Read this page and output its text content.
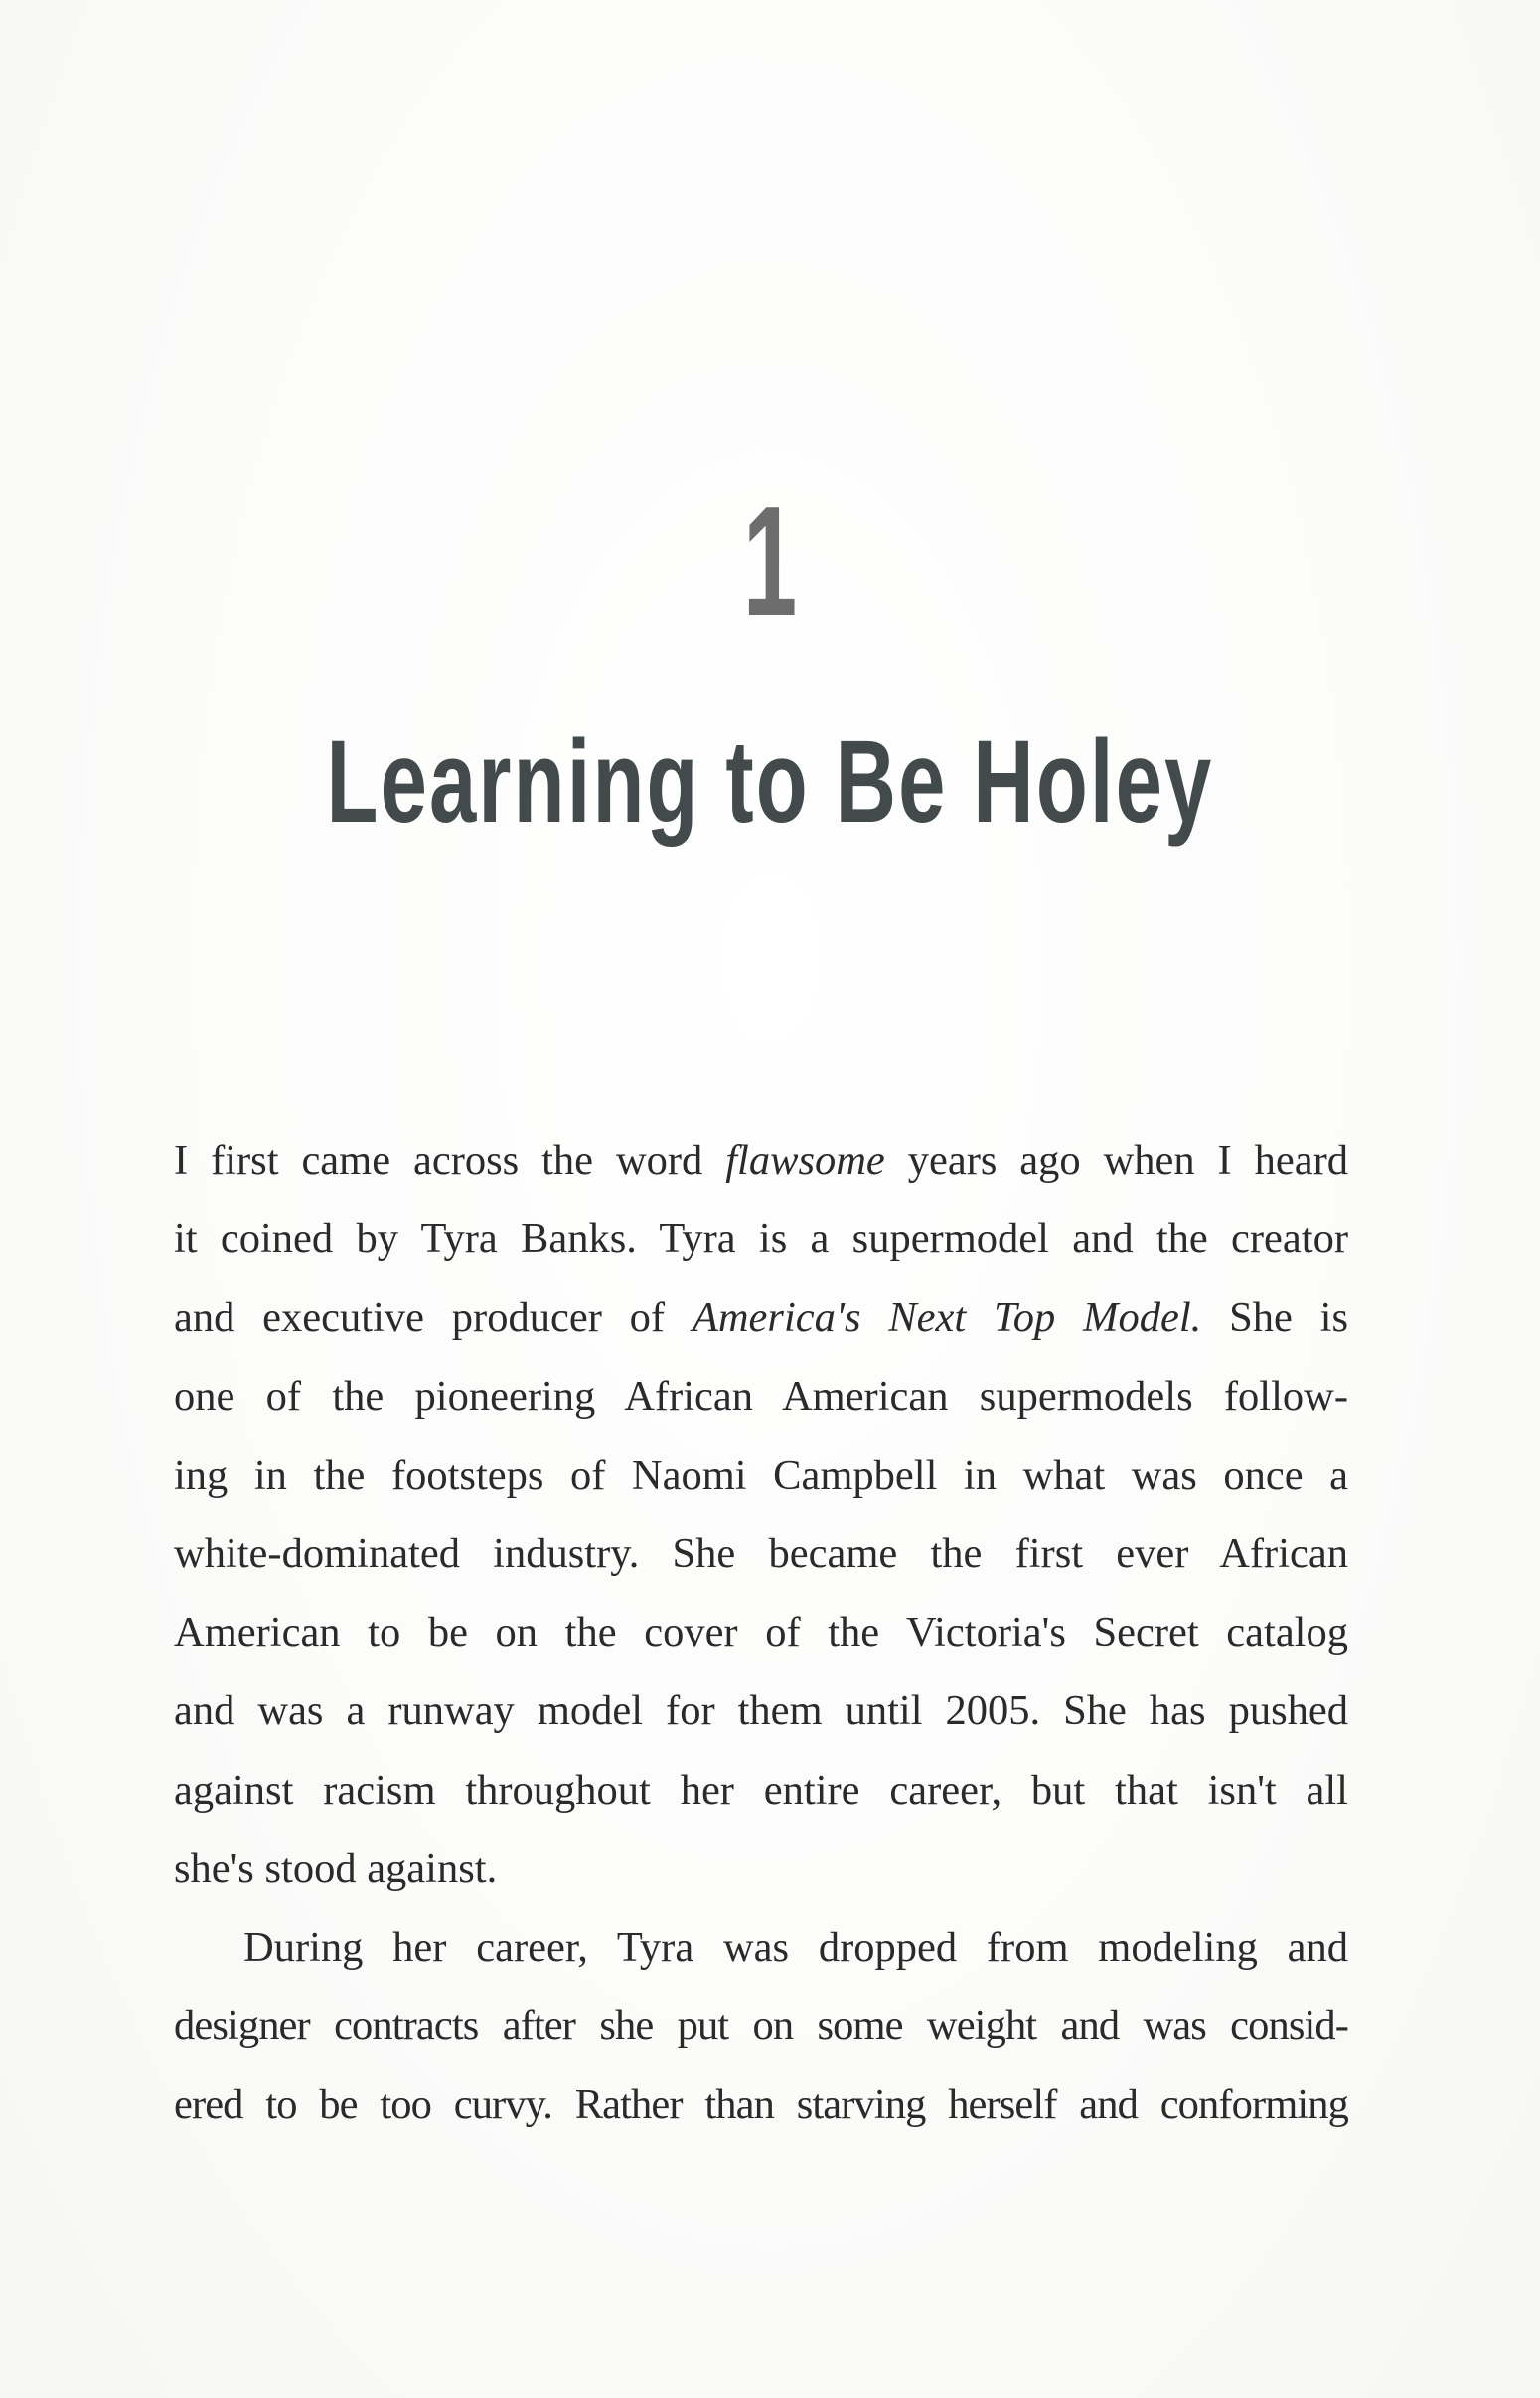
1
Learning to Be Holey
I first came across the word flawsome years ago when I heard
it coined by Tyra Banks. Tyra is a supermodel and the creator
and executive producer of America's Next Top Model. She is
one of the pioneering African American supermodels follow-
ing in the footsteps of Naomi Campbell in what was once a
white-dominated industry. She became the first ever African
American to be on the cover of the Victoria's Secret catalog
and was a runway model for them until 2005. She has pushed
against racism throughout her entire career, but that isn't all
she's stood against.
During her career, Tyra was dropped from modeling and
designer contracts after she put on some weight and was consid-
ered to be too curvy. Rather than starving herself and conforming
